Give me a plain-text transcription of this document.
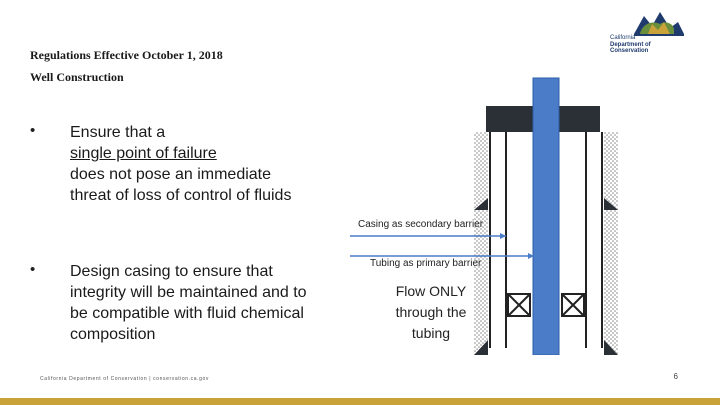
Regulations Effective October 1, 2018
Well Construction
California
Department of Conservation
•	Ensure that a
single point of failure
does not pose an immediate threat of loss of control of fluids
•	Design casing to ensure that integrity will be maintained and to be compatible with fluid chemical composition
Casing as secondary barrier
Tubing as primary barrier
Flow ONLY
through the
tubing
California Department of Conservation | conservation.ca.gov	6
